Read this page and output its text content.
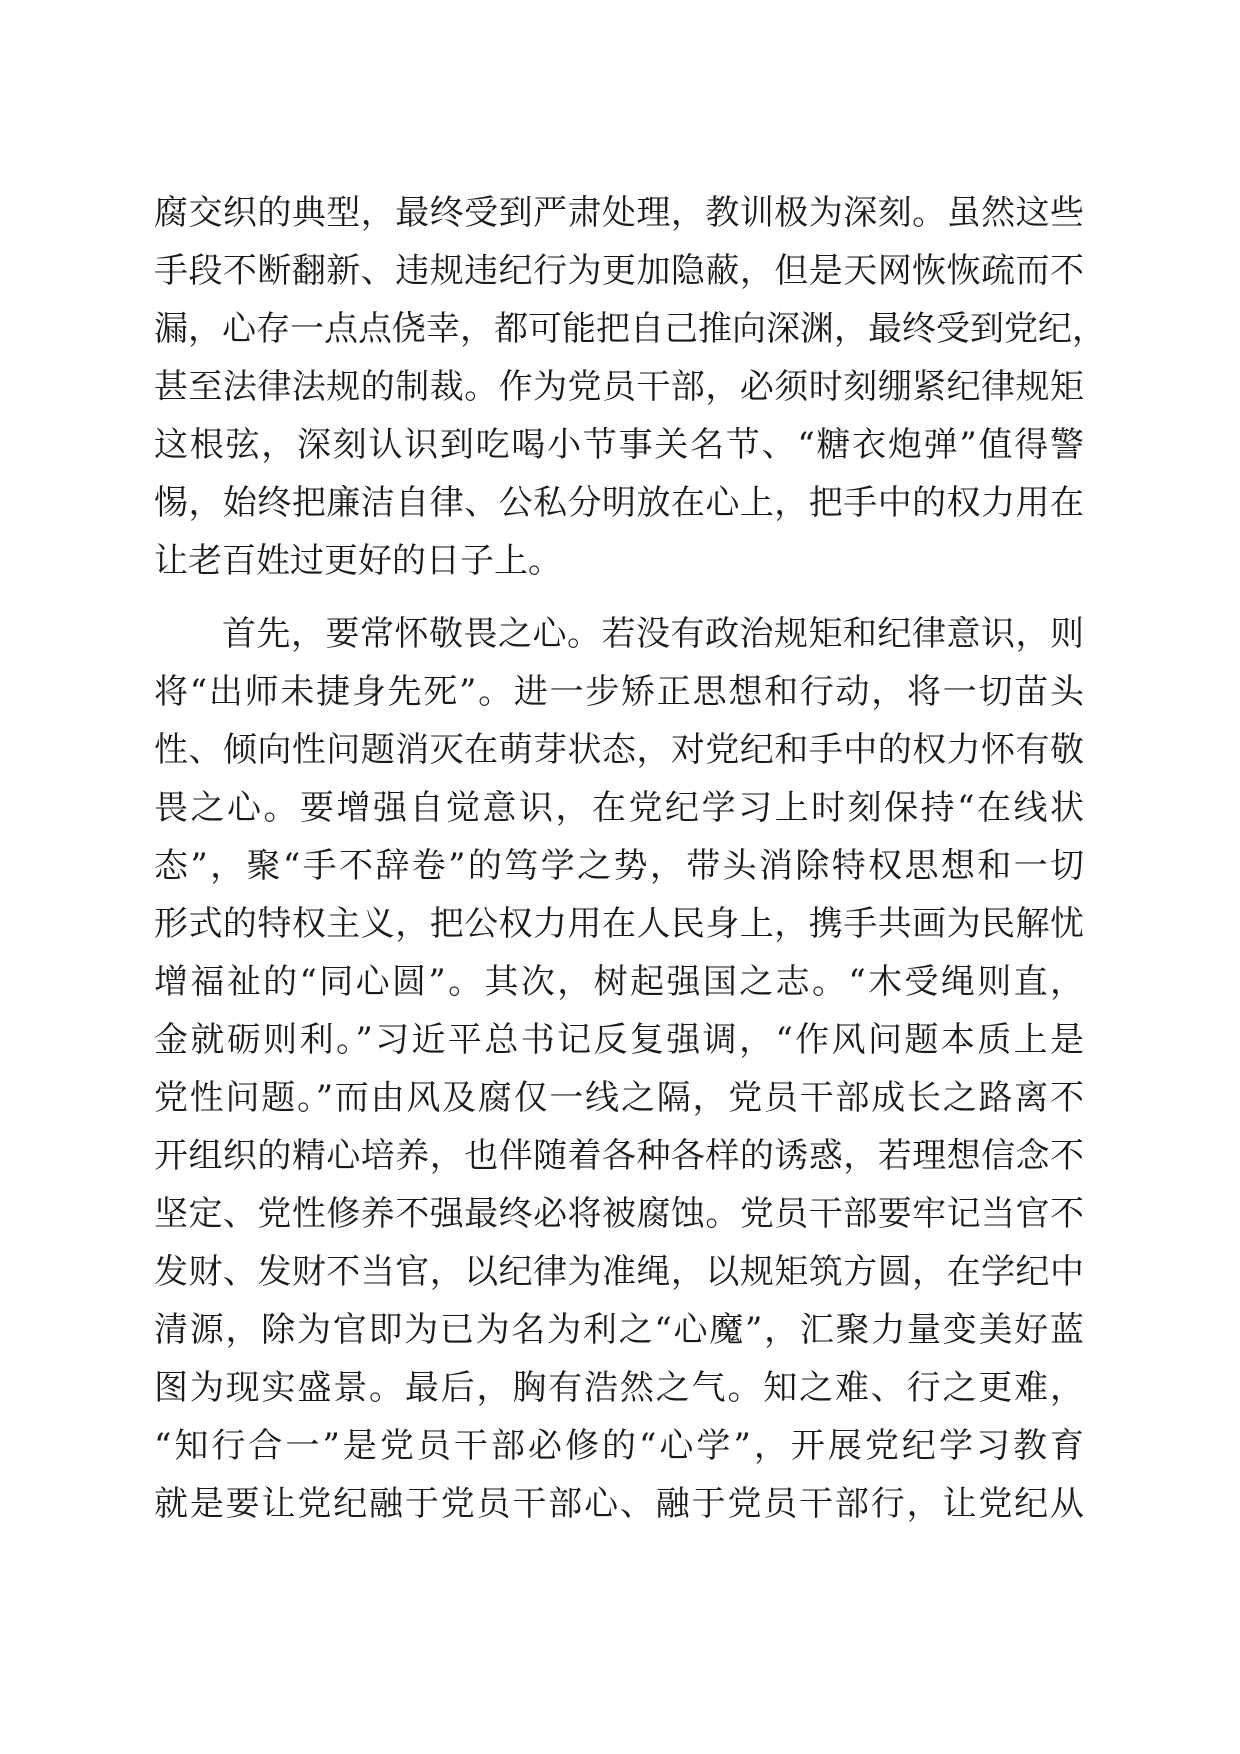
腐交织的典型，最终受到严肃处理，教训极为深刻。虽然这些
手段不断翻新、违规违纪行为更加隐蔽，但是天网恢恢疏而不
漏，心存一点点侥幸，都可能把自己推向深渊，最终受到党纪，
甚至法律法规的制裁。作为党员干部，必须时刻绷紧纪律规矩
这根弦，深刻认识到吃喝小节事关名节、“糖衣炮弹”值得警
惕，始终把廉洁自律、公私分明放在心上，把手中的权力用在
让老百姓过更好的日子上。
首先，要常怀敬畏之心。若没有政治规矩和纪律意识，则
将“出师未捷身先死”。进一步矫正思想和行动，将一切苗头
性、倾向性问题消灭在萌芽状态，对党纪和手中的权力怀有敬
畏之心。要增强自觉意识，在党纪学习上时刻保持“在线状
态”，聚“手不辞卷”的笃学之势，带头消除特权思想和一切
形式的特权主义，把公权力用在人民身上，携手共画为民解忧
增福祉的“同心圆”。其次，树起强国之志。“木受绳则直，
金就砺则利。”习近平总书记反复强调，“作风问题本质上是
党性问题。”而由风及腐仅一线之隔，党员干部成长之路离不
开组织的精心培养，也伴随着各种各样的诱惑，若理想信念不
坚定、党性修养不强最终必将被腐蚀。党员干部要牢记当官不
发财、发财不当官，以纪律为准绳，以规矩筑方圆，在学纪中
清源，除为官即为已为名为利之“心魔”，汇聚力量变美好蓝
图为现实盛景。最后，胸有浩然之气。知之难、行之更难，
“知行合一”是党员干部必修的“心学”，开展党纪学习教育
就是要让党纪融于党员干部心、融于党员干部行，让党纪从
